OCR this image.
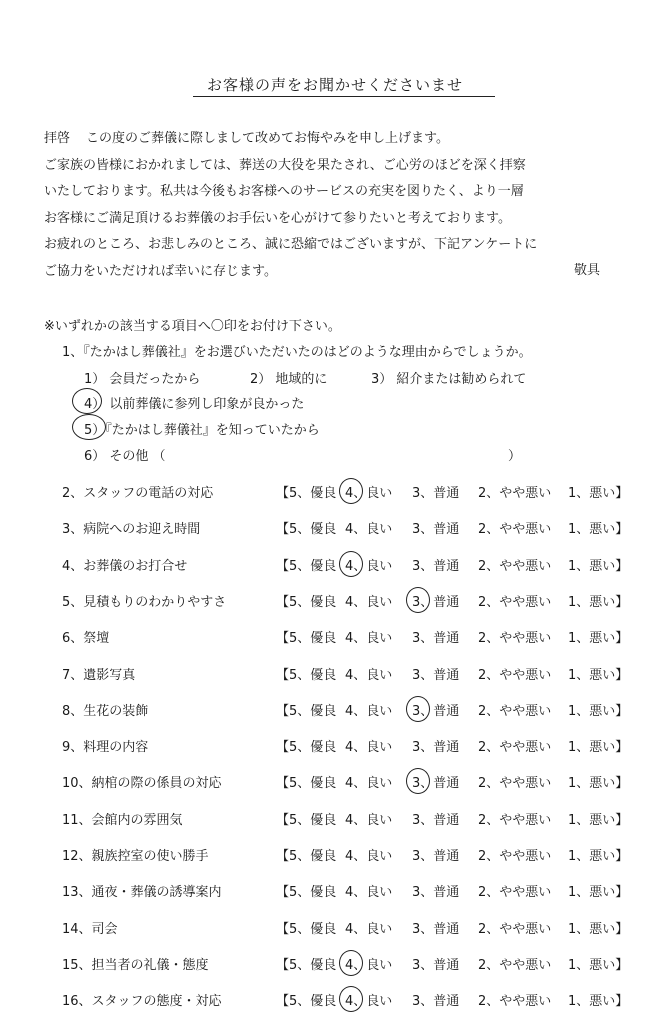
お客様の声をお聞かせくださいませ
拝啓 この度のご葬儀に際しまして改めてお悔やみを申し上げます。
ご家族の皆様におかれましては、葬送の大役を果たされ、ご心労のほどを深く拝察
いたしております。私共は今後もお客様へのサービスの充実を図りたく、より一層
お客様にご満足頂けるお葬儀のお手伝いを心がけて参りたいと考えております。
お疲れのところ、お悲しみのところ、誠に恐縮ではございますが、下記アンケートに
ご協力をいただければ幸いに存じます。	敬具
※いずれかの該当する項目へ〇印をお付け下さい。
1、『たかはし葬儀社』をお選びいただいたのはどのような理由からでしょうか。
1） 会員だったから	2） 地域的に	3） 紹介または勧められて
4） 以前葬儀に参列し印象が良かった
5）『たかはし葬儀社』を知っていたから
6） その他 （	）
2、スタッフの電話の対応	【5、優良 4、良い 3、普通 2、やや悪い 1、悪い】
3、病院へのお迎え時間	【5、優良 4、良い 3、普通 2、やや悪い 1、悪い】
4、お葬儀のお打合せ	【5、優良 4、良い 3、普通 2、やや悪い 1、悪い】
5、見積もりのわかりやすさ	【5、優良 4、良い 3、普通 2、やや悪い 1、悪い】
6、祭壇	【5、優良 4、良い 3、普通 2、やや悪い 1、悪い】
7、遺影写真	【5、優良 4、良い 3、普通 2、やや悪い 1、悪い】
8、生花の装飾	【5、優良 4、良い 3、普通 2、やや悪い 1、悪い】
9、料理の内容	【5、優良 4、良い 3、普通 2、やや悪い 1、悪い】
10、納棺の際の係員の対応	【5、優良 4、良い 3、普通 2、やや悪い 1、悪い】
11、会館内の雰囲気	【5、優良 4、良い 3、普通 2、やや悪い 1、悪い】
12、親族控室の使い勝手	【5、優良 4、良い 3、普通 2、やや悪い 1、悪い】
13、通夜・葬儀の誘導案内	【5、優良 4、良い 3、普通 2、やや悪い 1、悪い】
14、司会	【5、優良 4、良い 3、普通 2、やや悪い 1、悪い】
15、担当者の礼儀・態度	【5、優良 4、良い 3、普通 2、やや悪い 1、悪い】
16、スタッフの態度・対応	【5、優良 4、良い 3、普通 2、やや悪い 1、悪い】
